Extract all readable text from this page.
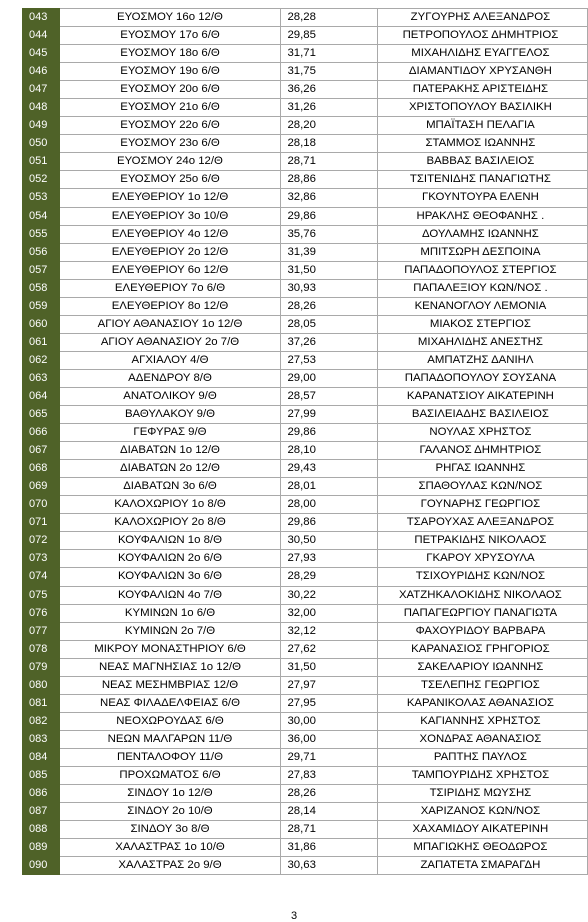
043	ΕΥΟΣΜΟΥ 16ο 12/Θ	28,28	ΖΥΓΟΥΡΗΣ ΑΛΕΞΑΝΔΡΟΣ
044	ΕΥΟΣΜΟΥ 17ο 6/Θ	29,85	ΠΕΤΡΟΠΟΥΛΟΣ ΔΗΜΗΤΡΙΟΣ
045	ΕΥΟΣΜΟΥ 18ο 6/Θ	31,71	ΜΙΧΑΗΛΙΔΗΣ ΕΥΑΓΓΕΛΟΣ
046	ΕΥΟΣΜΟΥ 19ο 6/Θ	31,75	ΔΙΑΜΑΝΤΙΔΟΥ ΧΡΥΣΑΝΘΗ
047	ΕΥΟΣΜΟΥ 20ο 6/Θ	36,26	ΠΑΤΕΡΑΚΗΣ ΑΡΙΣΤΕΙΔΗΣ
048	ΕΥΟΣΜΟΥ 21ο 6/Θ	31,26	ΧΡΙΣΤΟΠΟΥΛΟΥ ΒΑΣΙΛΙΚΗ
049	ΕΥΟΣΜΟΥ 22ο 6/Θ	28,20	ΜΠΑΪΤΑΣΗ ΠΕΛΑΓΙΑ
050	ΕΥΟΣΜΟΥ 23ο 6/Θ	28,18	ΣΤΑΜΜΟΣ ΙΩΑΝΝΗΣ
051	ΕΥΟΣΜΟΥ 24ο 12/Θ	28,71	ΒΑΒΒΑΣ ΒΑΣΙΛΕΙΟΣ
052	ΕΥΟΣΜΟΥ 25ο 6/Θ	28,86	ΤΣΙΤΕΝΙΔΗΣ ΠΑΝΑΓΙΩΤΗΣ
053	ΕΛΕΥΘΕΡΙΟΥ 1ο 12/Θ	32,86	ΓΚΟΥΝΤΟΥΡΑ ΕΛΕΝΗ
054	ΕΛΕΥΘΕΡΙΟΥ 3ο 10/Θ	29,86	ΗΡΑΚΛΗΣ ΘΕΟΦΑΝΗΣ .
055	ΕΛΕΥΘΕΡΙΟΥ 4ο 12/Θ	35,76	ΔΟΥΛΑΜΗΣ ΙΩΑΝΝΗΣ
056	ΕΛΕΥΘΕΡΙΟΥ 2ο 12/Θ	31,39	ΜΠΙΤΣΩΡΗ ΔΕΣΠΟΙΝΑ
057	ΕΛΕΥΘΕΡΙΟΥ 6ο 12/Θ	31,50	ΠΑΠΑΔΟΠΟΥΛΟΣ ΣΤΕΡΓΙΟΣ
058	ΕΛΕΥΘΕΡΙΟΥ 7ο 6/Θ	30,93	ΠΑΠΑΛΕΞΙΟΥ ΚΩΝ/ΝΟΣ .
059	ΕΛΕΥΘΕΡΙΟΥ 8ο 12/Θ	28,26	ΚΕΝΑΝΟΓΛΟΥ ΛΕΜΟΝΙΑ
060	ΑΓΙΟΥ ΑΘΑΝΑΣΙΟΥ 1ο 12/Θ	28,05	ΜΙΑΚΟΣ ΣΤΕΡΓΙΟΣ
061	ΑΓΙΟΥ ΑΘΑΝΑΣΙΟΥ 2ο 7/Θ	37,26	ΜΙΧΑΗΛΙΔΗΣ ΑΝΕΣΤΗΣ
062	ΑΓΧΙΑΛΟΥ 4/Θ	27,53	ΑΜΠΑΤΖΗΣ ΔΑΝΙΗΛ
063	ΑΔΕΝΔΡΟΥ 8/Θ	29,00	ΠΑΠΑΔΟΠΟΥΛΟΥ ΣΟΥΣΑΝΑ
064	ΑΝΑΤΟΛΙΚΟΥ 9/Θ	28,57	ΚΑΡΑΝΑΤΣΙΟΥ ΑΙΚΑΤΕΡΙΝΗ
065	ΒΑΘΥΛΑΚΟΥ 9/Θ	27,99	ΒΑΣΙΛΕΙΑΔΗΣ ΒΑΣΙΛΕΙΟΣ
066	ΓΕΦΥΡΑΣ 9/Θ	29,86	ΝΟΥΛΑΣ ΧΡΗΣΤΟΣ
067	ΔΙΑΒΑΤΩΝ 1ο 12/Θ	28,10	ΓΑΛΑΝΟΣ ΔΗΜΗΤΡΙΟΣ
068	ΔΙΑΒΑΤΩΝ 2ο 12/Θ	29,43	ΡΗΓΑΣ ΙΩΑΝΝΗΣ
069	ΔΙΑΒΑΤΩΝ 3ο 6/Θ	28,01	ΣΠΑΘΟΥΛΑΣ ΚΩΝ/ΝΟΣ
070	ΚΑΛΟΧΩΡΙΟΥ 1ο 8/Θ	28,00	ΓΟΥΝΑΡΗΣ ΓΕΩΡΓΙΟΣ
071	ΚΑΛΟΧΩΡΙΟΥ 2ο 8/Θ	29,86	ΤΣΑΡΟΥΧΑΣ ΑΛΕΞΑΝΔΡΟΣ
072	ΚΟΥΦΑΛΙΩΝ 1ο 8/Θ	30,50	ΠΕΤΡΑΚΙΔΗΣ ΝΙΚΟΛΑΟΣ
073	ΚΟΥΦΑΛΙΩΝ 2ο 6/Θ	27,93	ΓΚΑΡΟΥ ΧΡΥΣΟΥΛΑ
074	ΚΟΥΦΑΛΙΩΝ 3ο 6/Θ	28,29	ΤΣΙΧΟΥΡΙΔΗΣ ΚΩΝ/ΝΟΣ
075	ΚΟΥΦΑΛΙΩΝ 4ο 7/Θ	30,22	ΧΑΤΖΗΚΑΛΟΚΙΔΗΣ ΝΙΚΟΛΑΟΣ
076	ΚΥΜΙΝΩΝ 1ο 6/Θ	32,00	ΠΑΠΑΓΕΩΡΓΙΟΥ ΠΑΝΑΓΙΩΤΑ
077	ΚΥΜΙΝΩΝ 2ο 7/Θ	32,12	ΦΑΧΟΥΡΙΔΟΥ ΒΑΡΒΑΡΑ
078	ΜΙΚΡΟΥ ΜΟΝΑΣΤΗΡΙΟΥ 6/Θ	27,62	ΚΑΡΑΝΑΣΙΟΣ ΓΡΗΓΟΡΙΟΣ
079	ΝΕΑΣ ΜΑΓΝΗΣΙΑΣ 1ο 12/Θ	31,50	ΣΑΚΕΛΑΡΙΟΥ ΙΩΑΝΝΗΣ
080	ΝΕΑΣ ΜΕΣΗΜΒΡΙΑΣ 12/Θ	27,97	ΤΣΕΛΕΠΗΣ ΓΕΩΡΓΙΟΣ
081	ΝΕΑΣ ΦΙΛΑΔΕΛΦΕΙΑΣ 6/Θ	27,95	ΚΑΡΑΝΙΚΟΛΑΣ ΑΘΑΝΑΣΙΟΣ
082	ΝΕΟΧΩΡΟΥΔΑΣ 6/Θ	30,00	ΚΑΓΙΑΝΝΗΣ ΧΡΗΣΤΟΣ
083	ΝΕΩΝ ΜΑΛΓΑΡΩΝ 11/Θ	36,00	ΧΟΝΔΡΑΣ ΑΘΑΝΑΣΙΟΣ
084	ΠΕΝΤΑΛΟΦΟΥ 11/Θ	29,71	ΡΑΠΤΗΣ ΠΑΥΛΟΣ
085	ΠΡΟΧΩΜΑΤΟΣ 6/Θ	27,83	ΤΑΜΠΟΥΡΙΔΗΣ ΧΡΗΣΤΟΣ
086	ΣΙΝΔΟΥ 1ο 12/Θ	28,26	ΤΣΙΡΙΔΗΣ ΜΩΥΣΗΣ
087	ΣΙΝΔΟΥ 2ο 10/Θ	28,14	ΧΑΡΙΖΑΝΟΣ ΚΩΝ/ΝΟΣ
088	ΣΙΝΔΟΥ 3ο 8/Θ	28,71	ΧΑΧΑΜΙΔΟΥ ΑΙΚΑΤΕΡΙΝΗ
089	ΧΑΛΑΣΤΡΑΣ 1ο 10/Θ	31,86	ΜΠΑΓΙΩΚΗΣ ΘΕΟΔΩΡΟΣ
090	ΧΑΛΑΣΤΡΑΣ 2ο 9/Θ	30,63	ΖΑΠΑΤΕΤΑ ΣΜΑΡΑΓΔΗ
3
